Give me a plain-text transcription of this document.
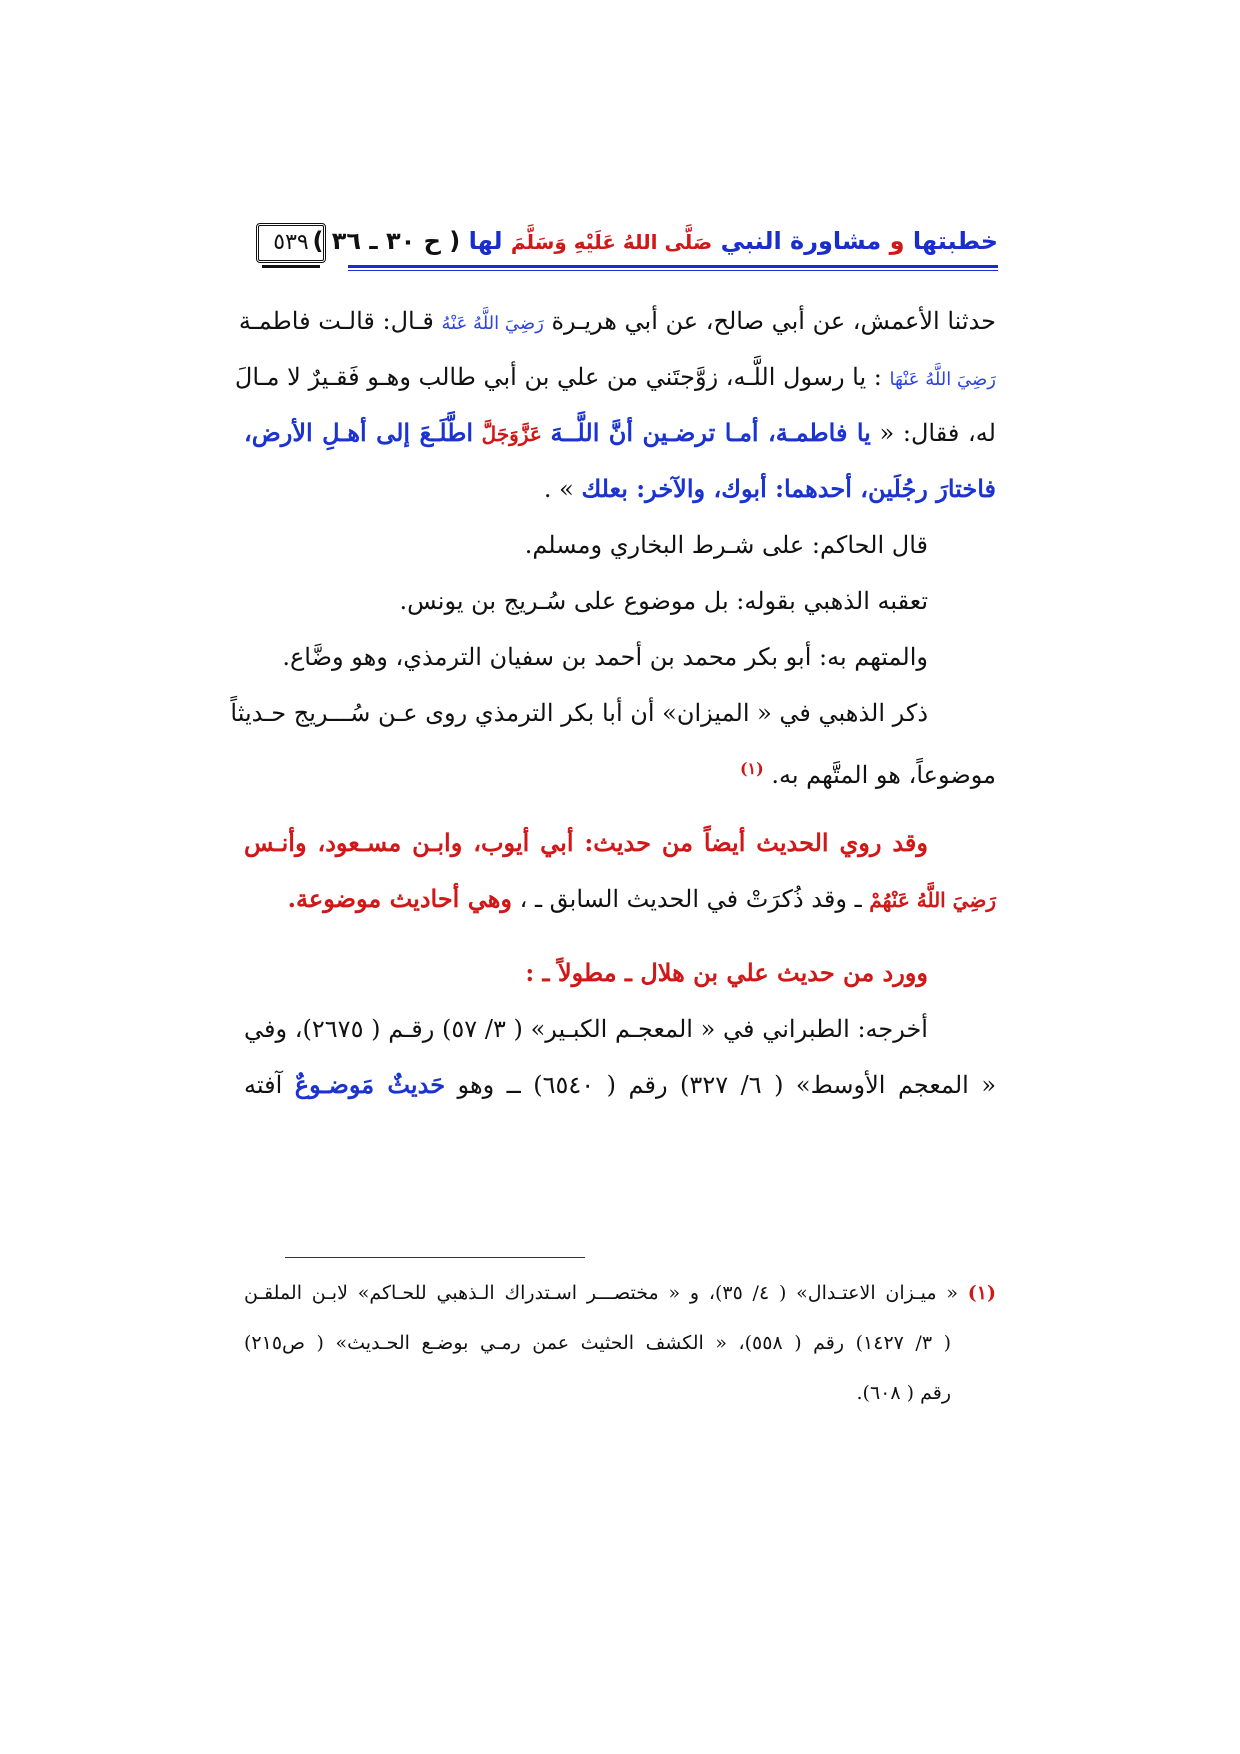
خطبتها و مشاورة النبي صَلَّى اللهُ عَلَيْهِ وَسَلَّمَ لها ( ح ٣٠ ـ ٣٦ )
٥٣٩
حدثنا الأعمش، عن أبي صالح، عن أبي هريـرة رَضِيَ اللَّهُ عَنْهُ قـال: قالـت فاطمـة
رَضِيَ اللَّهُ عَنْهَا : يا رسول اللَّـه، زوَّجتَني من علي بن أبي طالب وهـو فَقـيرٌ لا مـالَ
له، فقال: « يا فاطمـة، أمـا ترضـين أنَّ اللَّــهَ عَزَّوَجَلَّ اطَّلَـعَ إلى أهـلِ الأرض،
فاختارَ رجُلَين، أحدهما: أبوك، والآخر: بعلك » .
قال الحاكم: على شـرط البخاري ومسلم.
تعقبه الذهبي بقوله: بل موضوع على سُـريج بن يونس.
والمتهم به: أبو بكر محمد بن أحمد بن سفيان الترمذي، وهو وضَّاع.
ذكر الذهبي في « الميزان» أن أبا بكر الترمذي روى عـن سُـــريج حـديثاً
موضوعاً، هو المتَّهم به. $^{(١)}$
وقد روي الحديث أيضاً من حديث: أبي أيوب، وابـن مسـعود، وأنـس
رَضِيَ اللَّهُ عَنْهُمْ ـ وقد ذُكرَتْ في الحديث السابق ـ ، وهي أحاديث موضوعة.
وورد من حديث علي بن هلال ـ مطولاً ـ :
أخرجه: الطبراني في « المعجـم الكبـير» ( ٣/ ٥٧) رقـم ( ٢٦٧٥)، وفي
« المعجم الأوسط» ( ٦/ ٣٢٧) رقم ( ٦٥٤٠) ــ وهو حَديثٌ مَوضـوعٌ آفته
(١) « ميـزان الاعتـدال» ( ٤/ ٣٥)، و « مختصـــر اسـتدراك الـذهبي للحـاكم» لابـن الملقـن
( ٣/ ١٤٢٧) رقم ( ٥٥٨)، « الكشف الحثيث عمن رمـي بوضـع الحـديث» ( ص٢١٥)
رقم ( ٦٠٨).
